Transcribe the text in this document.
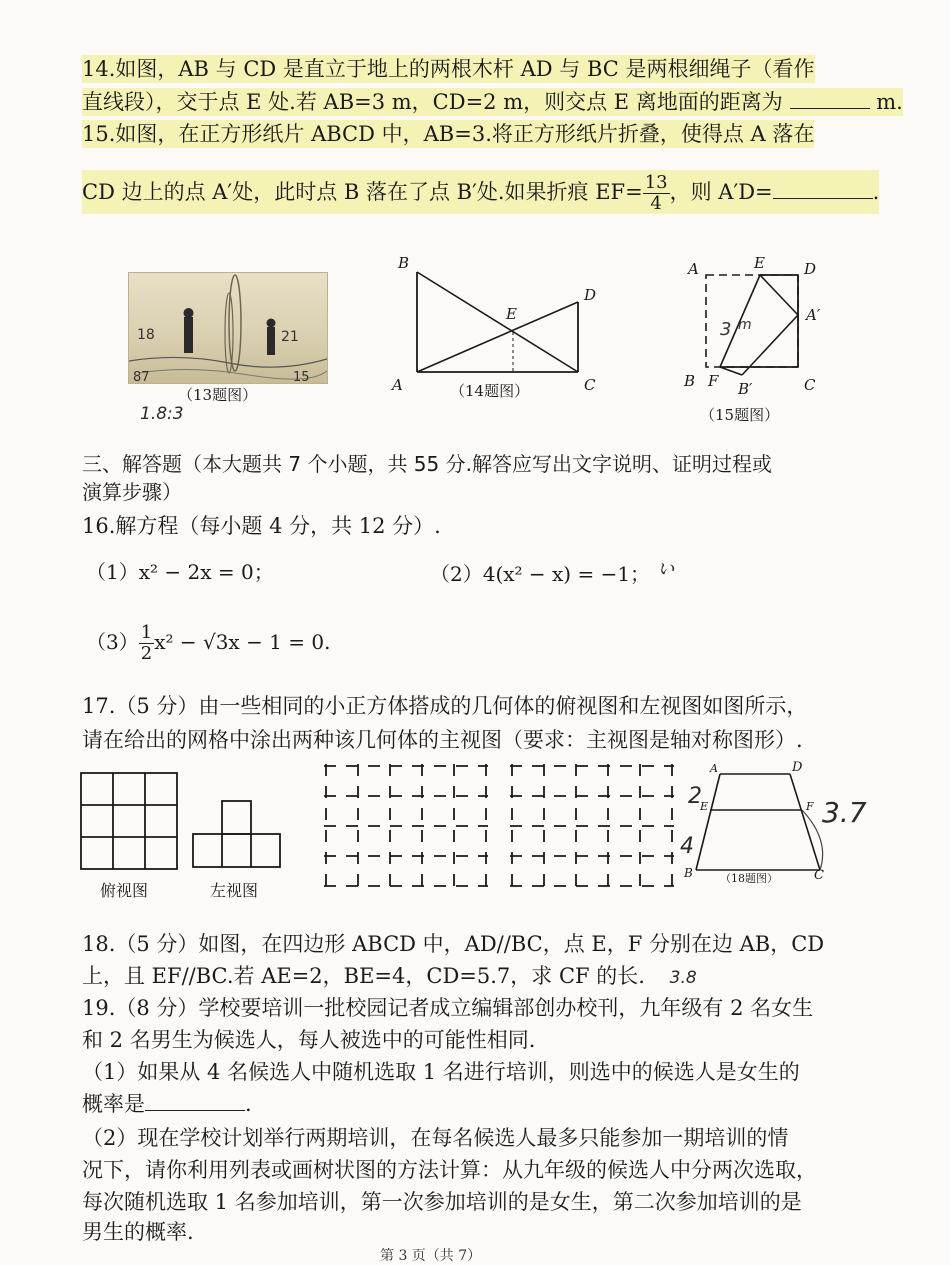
14.如图，AB 与 CD 是直立于地上的两根木杆 AD 与 BC 是两根细绳子（看作
直线段），交于点 E 处.若 AB=3 m，CD=2 m，则交点 E 离地面的距离为	m.
15.如图，在正方形纸片 ABCD 中，AB=3.将正方形纸片折叠，使得点 A 落在
CD 边上的点 A′处，此时点 B 落在了点 B′处.如果折痕 $EF= \frac{13}{4}$ ，则 A′D=	.
18	21
87	15
（13题图）
1.8:3
B
D
E
A	C
（14题图）
3 m
A	E	D
A′
B F B′	C
（15题图）
三、解答题（本大题共 7 个小题，共 55 分.解答应写出文字说明、证明过程或
演算步骤）
16.解方程（每小题 4 分，共 12 分）.
（1）x² − 2x = 0；	（2）4(x² − x) = −1； ぃ
$(3) \frac{1}{2} x^2 - √3x - 1 = 0$.
17.（5 分）由一些相同的小正方体搭成的几何体的俯视图和左视图如图所示，
请在给出的网格中涂出两种该几何体的主视图（要求：主视图是轴对称图形）.
俯视图	左视图
A	D
E	F
B	C
（18题图）
2
4
3.7
18.（5 分）如图，在四边形 ABCD 中，AD//BC，点 E，F 分别在边 AB，CD
上，且 EF//BC.若 AE=2，BE=4，CD=5.7，求 CF 的长. 3.8
19.（8 分）学校要培训一批校园记者成立编辑部创办校刊，九年级有 2 名女生
和 2 名男生为候选人，每人被选中的可能性相同.
（1）如果从 4 名候选人中随机选取 1 名进行培训，则选中的候选人是女生的
概率是	.
（2）现在学校计划举行两期培训，在每名候选人最多只能参加一期培训的情
况下，请你利用列表或画树状图的方法计算：从九年级的候选人中分两次选取，
每次随机选取 1 名参加培训，第一次参加培训的是女生，第二次参加培训的是
男生的概率.
第 3 页（共 7）
